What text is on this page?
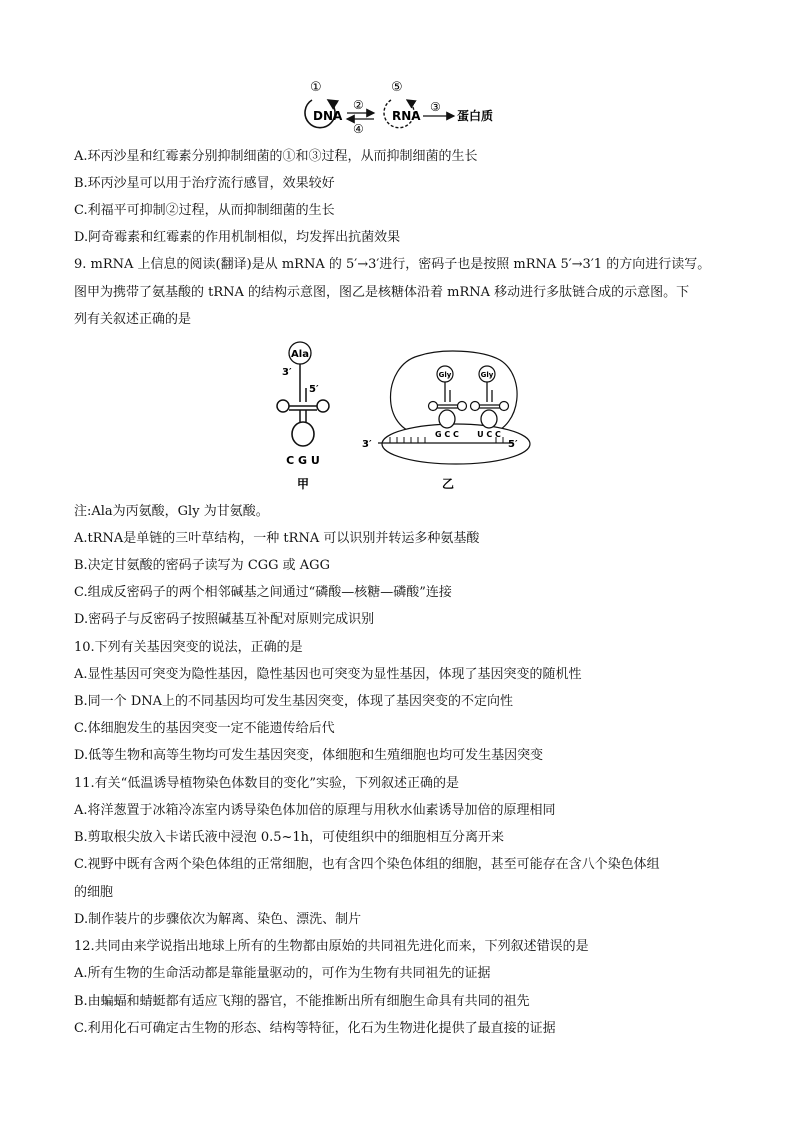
①
DNA
②
④
⑤
RNA
③
蛋白质
A.环丙沙星和红霉素分别抑制细菌的①和③过程，从而抑制细菌的生长
B.环丙沙星可以用于治疗流行感冒，效果较好
C.利福平可抑制②过程，从而抑制细菌的生长
D.阿奇霉素和红霉素的作用机制相似，均发挥出抗菌效果
9. mRNA 上信息的阅读(翻译)是从 mRNA 的 5′→3′进行，密码子也是按照 mRNA 5′→3′1 的方向进行读写。
图甲为携带了氨基酸的 tRNA 的结构示意图，图乙是核糖体沿着 mRNA 移动进行多肽链合成的示意图。下
列有关叙述正确的是
Ala
3′
5′
C G U
甲
3′	5′
Gly
G C C
Gly
U C C
乙
注:Ala为丙氨酸，Gly 为甘氨酸。
A.tRNA是单链的三叶草结构，一种 tRNA 可以识别并转运多种氨基酸
B.决定甘氨酸的密码子读写为 CGG 或 AGG
C.组成反密码子的两个相邻碱基之间通过“磷酸—核糖—磷酸”连接
D.密码子与反密码子按照碱基互补配对原则完成识别
10.下列有关基因突变的说法，正确的是
A.显性基因可突变为隐性基因，隐性基因也可突变为显性基因，体现了基因突变的随机性
B.同一个 DNA上的不同基因均可发生基因突变，体现了基因突变的不定向性
C.体细胞发生的基因突变一定不能遗传给后代
D.低等生物和高等生物均可发生基因突变，体细胞和生殖细胞也均可发生基因突变
11.有关“低温诱导植物染色体数目的变化”实验，下列叙述正确的是
A.将洋葱置于冰箱冷冻室内诱导染色体加倍的原理与用秋水仙素诱导加倍的原理相同
B.剪取根尖放入卡诺氏液中浸泡 0.5~1h，可使组织中的细胞相互分离开来
C.视野中既有含两个染色体组的正常细胞，也有含四个染色体组的细胞，甚至可能存在含八个染色体组
的细胞
D.制作装片的步骤依次为解离、染色、漂洗、制片
12.共同由来学说指出地球上所有的生物都由原始的共同祖先进化而来，下列叙述错误的是
A.所有生物的生命活动都是靠能量驱动的，可作为生物有共同祖先的证据
B.由蝙蝠和蜻蜓都有适应飞翔的器官，不能推断出所有细胞生命具有共同的祖先
C.利用化石可确定古生物的形态、结构等特征，化石为生物进化提供了最直接的证据
